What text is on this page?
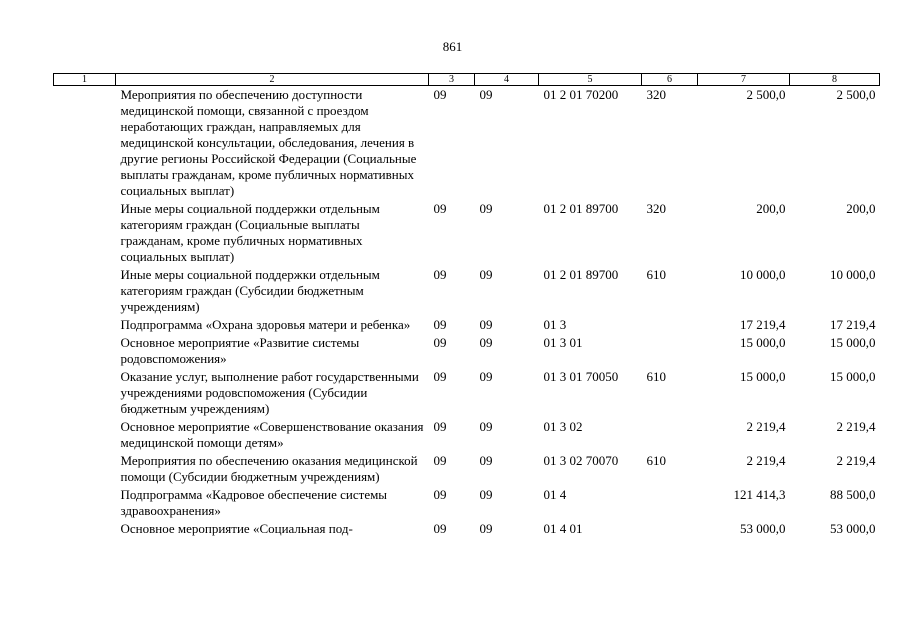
861
1	2	3	4	5	6	7	8
	Мероприятия по обеспечению доступности медицинской помощи, связанной с проездом неработающих граждан, направляемых для медицинской консультации, обследования, лечения в другие регионы Российской Федерации (Социальные выплаты гражданам, кроме публичных нормативных социальных выплат)	09	09	01 2 01 70200	320	2 500,0	2 500,0
	Иные меры социальной поддержки отдельным категориям граждан (Социальные выплаты гражданам, кроме публичных нормативных социальных выплат)	09	09	01 2 01 89700	320	200,0	200,0
	Иные меры социальной поддержки отдельным категориям граждан (Субсидии бюджетным учреждениям)	09	09	01 2 01 89700	610	10 000,0	10 000,0
	Подпрограмма «Охрана здоровья матери и ребенка»	09	09	01 3		17 219,4	17 219,4
	Основное мероприятие «Развитие системы родовспоможения»	09	09	01 3 01		15 000,0	15 000,0
	Оказание услуг, выполнение работ государственными учреждениями родовспоможения (Субсидии бюджетным учреждениям)	09	09	01 3 01 70050	610	15 000,0	15 000,0
	Основное мероприятие «Совершенствование оказания медицинской помощи детям»	09	09	01 3 02		2 219,4	2 219,4
	Мероприятия по обеспечению оказания медицинской помощи (Субсидии бюджетным учреждениям)	09	09	01 3 02 70070	610	2 219,4	2 219,4
	Подпрограмма «Кадровое обеспечение системы здравоохранения»	09	09	01 4		121 414,3	88 500,0
	Основное мероприятие «Социальная под-	09	09	01 4 01		53 000,0	53 000,0
